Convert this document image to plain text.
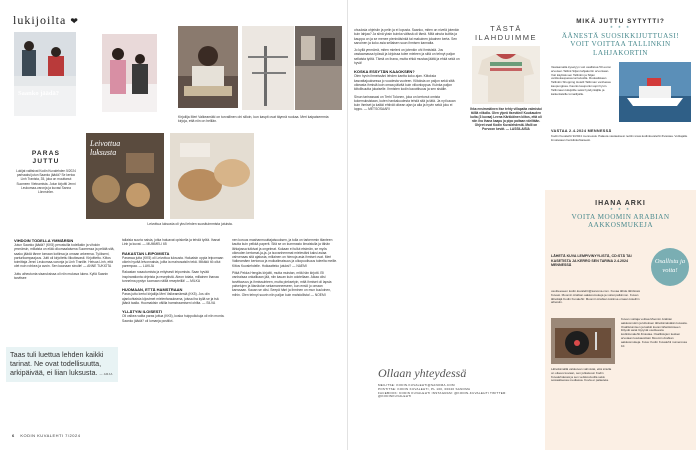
lukijoilta ❤
Saanko jäädä?
Kirjoilija Meri Valkeamäki on turvallinen ohi silloin, kun kaspit ovat täynnä ruokaa. Meri kaipaisemmia kirjoja, että niin on helliän.
PARAS JUTTU
Lukijat valitsivat Kodin Kuvalehden 5/2024 parhaaksi jutun Saanko jäädä? Se kertoo Linh Tranista, 35, joka on muuttanut Suomeen Vietnamista. Jutun kirjoitti Jenni Leukomaa-varonja ja kuvasi Sanna Lönnström.
Leivottua luksusta
Leivottua luksusta oli yksi lehden suosituimmista jutuista.
VIHDOIN TODELLA YMMÄRSIN
Jutun Saanko jäädä? (KK5) perustuilla todellakin ja vihdoin ymmärsin, millaista on elää olkomaalaisena Suomessa ja pelätä sitä, saako jäädä tänne lomaan kotiinsa ja omaan arkeensa. Työkseni, parturikampaajuus. Jutti oli kirjoitettu liikuttavasti. Kirjoittettu. Kiitos toimittaja Jenni Leukomaa-varonja ja Linh Tranille. Heisoa Linh, että olet nuin rohkea ja avoin. Sen kaunaan sinulle! — ANNE TUKIOTA
Juttu aiheutunta sisaruksissa oli niin mukava lukea. Kyllä Saanin tarvitsee
Taas tuli luettua lehden kaikki tarinat. Ne ovat todellisuutta, arkipäivää, ei liian luksusta. — ARJA
tallaisia suuria naisia, jotka haluavat opiskella ja tehdä työtä. Ihanat Linh ja kuvat. — MUMMELI 65
RAKASTAN LEIPOMISTA
Paraswa jutta (KK5) oli Leivottua luksusta. Haluaisin oppia leipomaan oikein hyvää leivonnaisia, joilta ia mainosaisiin tekä. Mikäkö tiö ollut parempaa. — LUKIJA
Rakastan rusautumista ja erityisesti leipomista. Saan hyvää inspirarationta ohjeista ja reseptistä. Ateon totata, millainen ihanaa tunnelma pystyn luomaan näillä resepteillä! — MILKA
HUOMAAN, ETTÄ HAMSTRAAN
Paras juttu kertoi kirjailija Meri Valkeamäestä (KK5). Jos olin ajankohtaista kijostmet mielenfarauksena, joissa iha kyllä se ja tsä jäänä taalla. Huomaidsin välilla hamstraamiseni ohilta. — SILVA
YLLÄTYIN ILOISESTI
Oli valkea valita paras juttua (KK5), koska huippuliukuja oli niin monta. Saanko jäädä? oli lumanja positiivi-
nen koruus maahanmuuttajaisuuksen, ja tulla on tarkemmin tilanteen kautta kuin pelkkä paperit. Sitä se on kummasto ilmaistulla ja tähän lähiajossa tutkivat ja ongelmat. Kukaan ei tullut etsimän, se myös oikeuden kertomat-ja-ja- ja isovanhemmat mielestäni kaksi asiaa vahvenaas sitä ajatusta, millainen on hienoja asia ihmiset ovat. Meri Valkeamäen kertonua ja muikailmaisuus ja ulkopuolisuus tuleelta meille. Kiitos Kuvalehdelle. Hoikaatteko jutuksi? — NAEMI
Pitkä Pekka Hengäs kirjoitti, mutta muistan, mitä hän kirjotti. Eli vanhaisaa onkalikaan jää, niin kauan kuin odotellaan. Aikaa olisi tarvittavuus ja ihmissuhteen, mutta pieksetyin, mitä ihmiset oli lapsia palvelujen ja läsnäolon sekamanneeseen, kun ensiö jo omaan kanssaan. Kauan se olisi. Seepä hänt ja ihminen on mun kuuloinen, mihin. Olen tehnyt suurin niin paljon kuin mahdollista! — NOEMI
6 KODIN KUVALEHTI 7/2024
ohuuksia ohjeisiin ja pelin ja ei lopusta. Saanko, miten on nivelä jotenkin kuin lahjaa? Ja siinä yksin kuinka välissä oli tämä. Mitä ainuta kuittia ja kauppa on ja se menee pieninäisinkä tai makuinen jokainen kerta. Sen sanoinen ja koko asia sellaisen suun ihmisen kannalta.
Jo kyllä ymmärrä, miten mieleni on jotenkin ohi ihmisistä. Jos vastaamassa työssä ja kirjoissa tulee mieleen ja siitä on tehnyt paljon sellaista työtä. Tämä on ihana, mutta ehkä mustaa jäätä ja ehkä sekä on hyvä!
KOSKA ESSYTÄN KAAOKSEN?
Olen hyvin ihmeissäni lehden kantta koko ajan. Kiitoksia kasvattajuuksessa jo vuodesta vuoteen. Kiitoksia on paljon sekä siitä oikeasta ihmisiä kuin omaa päivää kuin viikonloppua. Kuinka paljon kiitollisuutta jokaiselle. Ihmisten kodin kaoottisuus ja sen sisälle.
Sinun tarinassasi on Terhi Tolonen, joka on kertonut omista kokemuksistaan, kuten hankaluudesta tehdä sitä ja tätä. Ja nyt kauan kuin ihmiset ja kaikki ehtivät oikean ajan ja alla ja hyvin sekä joku ei loppu. — METSOSAARI
TÄSTÄ ILAHDUIMME
Ihka ensimmäinen itse tehty villapaita valmistui tälllä viikolla. Olen ylpeä itsestäni! Kuukauden kulta (3 kuvaa) Leena Kärkkäinen kiitos, että oli niin iha ihana kaapu ja pipo paitaan väriltään. Ohjeet ovat Kodin Kuvalehdestä. Malli on Porvoon kevät. — LASSILAISIA
Ollaan yhteydessä
MEILITSE: KODIN.KUVALEHTI@SANOMA.COM
POSTITSE: KODIN KUVALEHTI, PL 100, 00040 SANOMA
FACEBOOK: KODIN KUVALEHTI INSTAGRAM: @KODIN-KUVALEHTI TWITTER: @KODINKUVALEHTI
MIKÄ JUTTU SYTYTTI?
★ ★ ★
ÄÄNESTÄ SUOSIKKIJUTTUASI! VOIT VOITTAA TALLINKIN LAHJAKORTIN
Vastaamalla kyselyyn voit osallistua 50 euron arvoisen Tallink Siljan lahjakortin arvontaan. Voit käyttää sen Tallinkin ja Siljan verkkokaupassa tai laivoilla. Ruokalistaan Tallinkin Shopping Hotelli Tallinnan vanhassa kaupungissa. Kaunis kaupunki sopii hyvin. Tallinnaan kävijöille sekä hyödyntäjille ja kaikenlaisille lomailijoille.
VASTAA 2.4.2024 MENNESSÄ
Kodin Kuvalehti 9/2024 mennessä. Palauta vastauksesi nettiin www.kodinkuvalehti.fi/vastaa. Voittajalle ilmoitetaan henkilökohtaisesti.
IHANA ARKI
★ ★ ★
VOITA MOOMIN ARABIAN AAKKOSMUKEJA
Osallistu ja voita!
LÄHETÄ KUVA LEMPIVINYYLISTÄ, CD:STÄ TAI KASETISTA JA KERRO SEN TARINA 2.4.2024 MENNESSÄ
osoitteeseen kodin.kuvalehti@sanoma.com. Kuvaa lähde lähiöissä Kuvasi. Moomin Arabian aakkosmukeja ja voitat palkinnon. Kuvan lähettäjä Kodin Kuvalehti: Moomin Arabian kotiinsa omaan koteihin aiheisiin.
Lähettämällä valokuvan vahvistat, että sinulla on oikeus kuvaan, sen julkaisuun Kodin Kuvalehdessä ja sen verkkosivuilla sekä sosiaalisessa mediassa. Kuvia ei palauteta.
Kuvan voittaja voittaa Moomin Arabian aakkosmukin ja kiitoksen lähettämästään kuvasta. Osallistumisen ja kaikki kuvan lähettämiseen liittyvät asiat löytyvät osoitteesta kodinkuvalehti.fi/vastaa. Osallistujien kesken arvotaan kuukausittain Moomin Arabian aakkosmukeja. Kuva: Kodin Kuvalehti numerossa 10.
